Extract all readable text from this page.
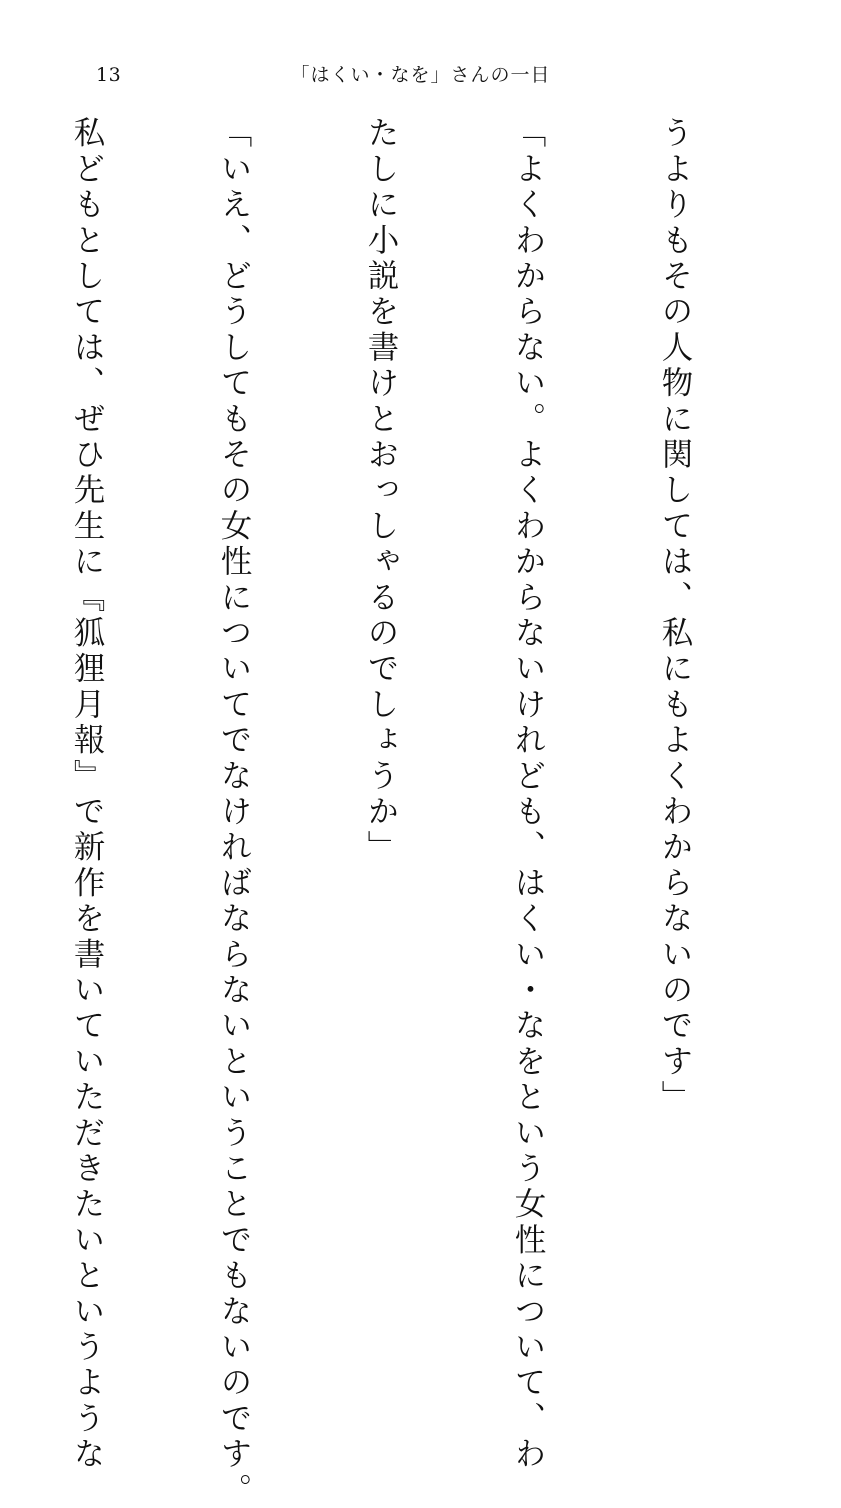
13	「はくい・なを」さんの一日

うよりもその人物に関しては、私にもよくわからないのです」

「よくわからない。よくわからないけれども、はくい・なをという女性について、わ

たしに小説を書けとおっしゃるのでしょうか」

「いえ、どうしてもその女性についてでなければならないということでもないのです。

私どもとしては、ぜひ先生に『狐狸月報』で新作を書いていただきたいというような
